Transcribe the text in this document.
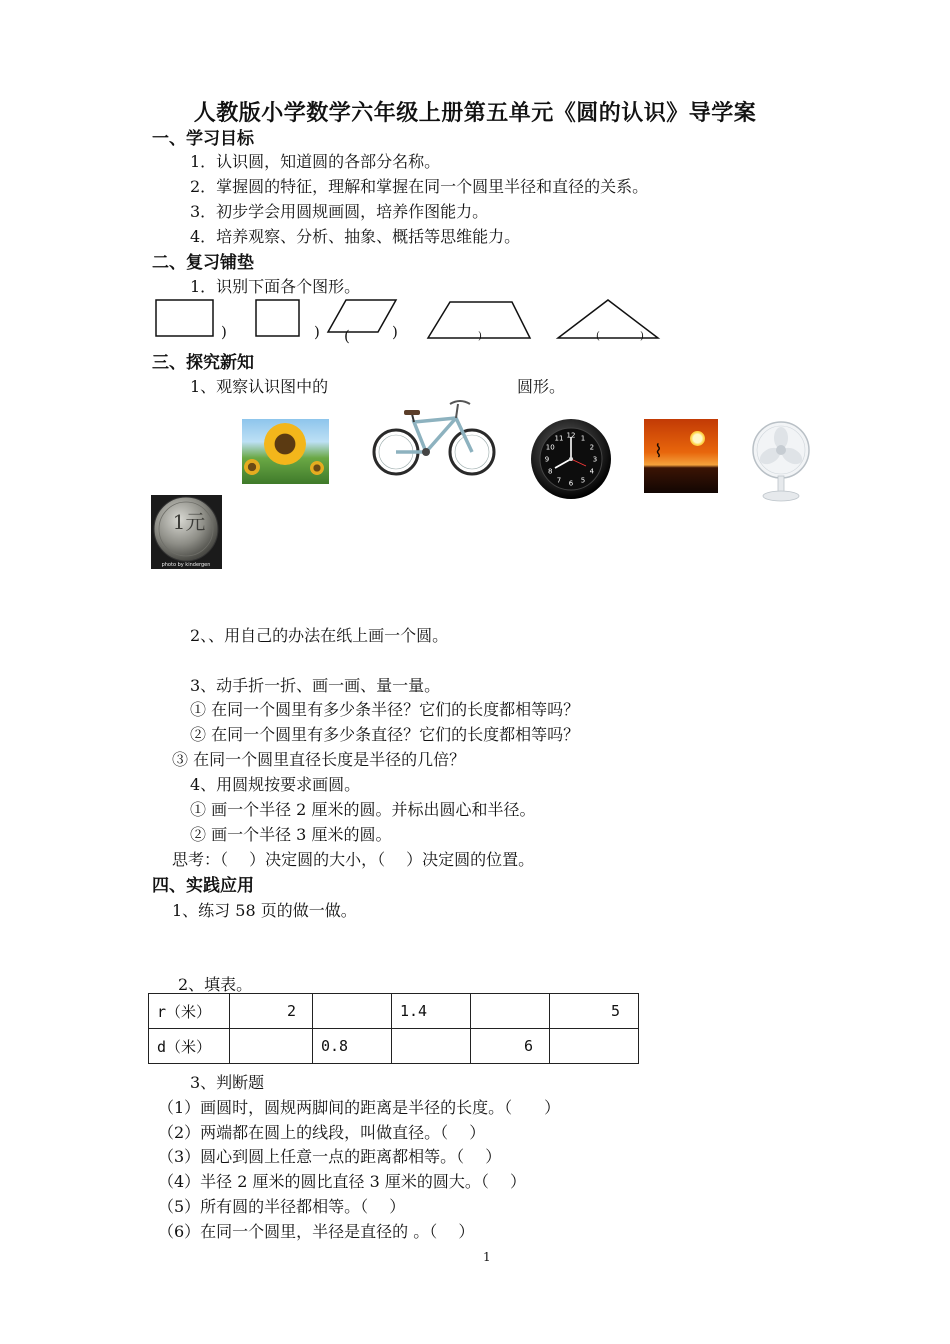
人教版小学数学六年级上册第五单元《圆的认识》导学案
一、学习目标
1．认识圆，知道圆的各部分名称。
2．掌握圆的特征，理解和掌握在同一个圆里半径和直径的关系。
3．初步学会用圆规画圆，培养作图能力。
4．培养观察、分析、抽象、概括等思维能力。
二、复习铺垫
1．识别下面各个图形。
)	)	)
(	)	(	)
三、探究新知
1、观察认识图中的	圆形。
12 1
2
3
4
5
6
7
8
9
10
11
⌇
1元
photo by kindergen
2、、用自己的办法在纸上画一个圆。
3、动手折一折、画一画、量一量。
① 在同一个圆里有多少条半径？它们的长度都相等吗？
② 在同一个圆里有多少条直径？它们的长度都相等吗？
③ 在同一个圆里直径长度是半径的几倍？
4、用圆规按要求画圆。
① 画一个半径 2 厘米的圆。并标出圆心和半径。
② 画一个半径 3 厘米的圆。
思考：（　 ）决定圆的大小，（　 ）决定圆的位置。
四、实践应用
1、练习 58 页的做一做。
2、填表。
r（米）	2		1.4		5
d（米）		0.8		6	
3、判断题
（1）画圆时，圆规两脚间的距离是半径的长度。（　　）
（2）两端都在圆上的线段，叫做直径。（　 ）
（3）圆心到圆上任意一点的距离都相等。（　 ）
（4）半径 2 厘米的圆比直径 3 厘米的圆大。（　 ）
（5）所有圆的半径都相等。（　 ）
（6）在同一个圆里，半径是直径的 。（　 ）
1
